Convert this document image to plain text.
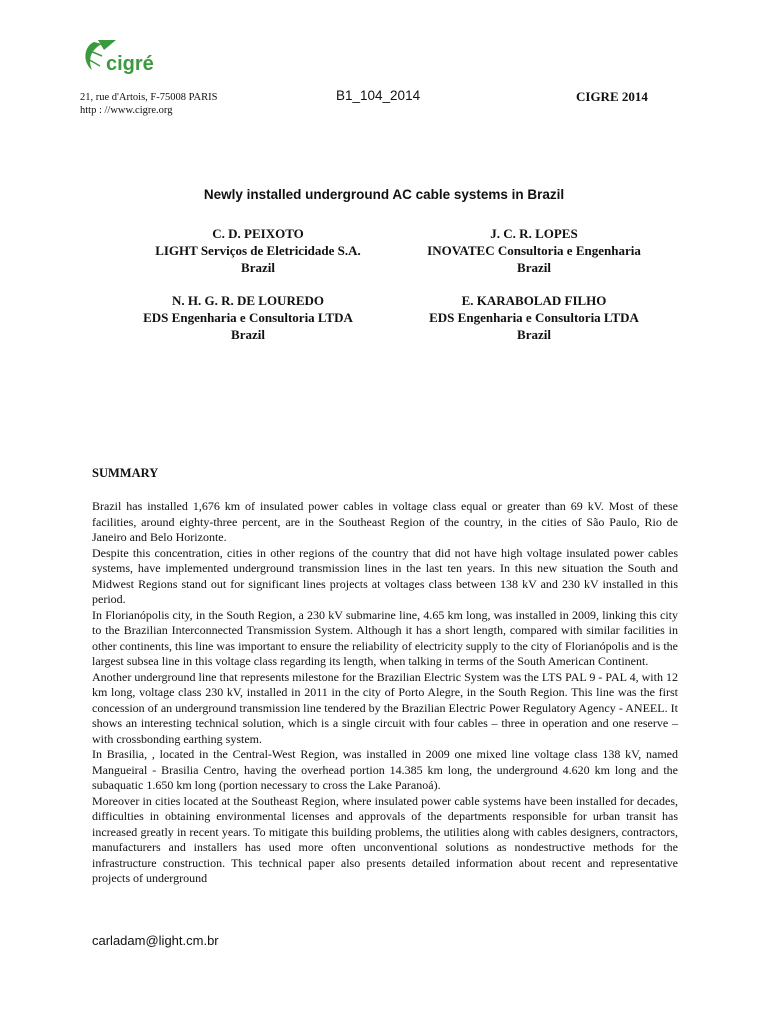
cigré
21, rue d'Artois, F-75008 PARIS
http : //www.cigre.org
B1_104_2014	CIGRE 2014
Newly installed underground AC cable systems in Brazil
C. D. PEIXOTO
LIGHT Serviços de Eletricidade S.A.
Brazil
J. C. R. LOPES
INOVATEC Consultoria e Engenharia
Brazil
N. H. G. R. DE LOUREDO
EDS Engenharia e Consultoria LTDA
Brazil
E. KARABOLAD FILHO
EDS Engenharia e Consultoria LTDA
Brazil
SUMMARY

Brazil has installed 1,676 km of insulated power cables in voltage class equal or greater than 69 kV. Most of these facilities, around eighty-three percent, are in the Southeast Region of the country, in the cities of São Paulo, Rio de Janeiro and Belo Horizonte.

Despite this concentration, cities in other regions of the country that did not have high voltage insulated power cables systems, have implemented underground transmission lines in the last ten years. In this new situation the South and Midwest Regions stand out for significant lines projects at voltages class between 138 kV and 230 kV installed in this period.

In Florianópolis city, in the South Region, a 230 kV submarine line, 4.65 km long, was installed in 2009, linking this city to the Brazilian Interconnected Transmission System. Although it has a short length, compared with similar facilities in other continents, this line was important to ensure the reliability of electricity supply to the city of Florianópolis and is the largest subsea line in this voltage class regarding its length, when talking in terms of the South American Continent.

Another underground line that represents milestone for the Brazilian Electric System was the LTS PAL 9 - PAL 4, with 12 km long, voltage class 230 kV, installed in 2011 in the city of Porto Alegre, in the South Region. This line was the first concession of an underground transmission line tendered by the Brazilian Electric Power Regulatory Agency - ANEEL. It shows an interesting technical solution, which is a single circuit with four cables – three in operation and one reserve – with crossbonding earthing system.

In Brasilia, , located in the Central-West Region, was installed in 2009 one mixed line voltage class 138 kV, named Mangueiral - Brasilia Centro, having the overhead portion 14.385 km long, the underground 4.620 km long and the subaquatic 1.650 km long (portion necessary to cross the Lake Paranoá).

Moreover in cities located at the Southeast Region, where insulated power cable systems have been installed for decades, difficulties in obtaining environmental licenses and approvals of the departments responsible for urban transit has increased greatly in recent years. To mitigate this building problems, the utilities along with cables designers, contractors, manufacturers and installers has used more often unconventional solutions as nondestructive methods for the infrastructure construction. This technical paper also presents detailed information about recent and representative projects of underground

carladam@light.cm.br
